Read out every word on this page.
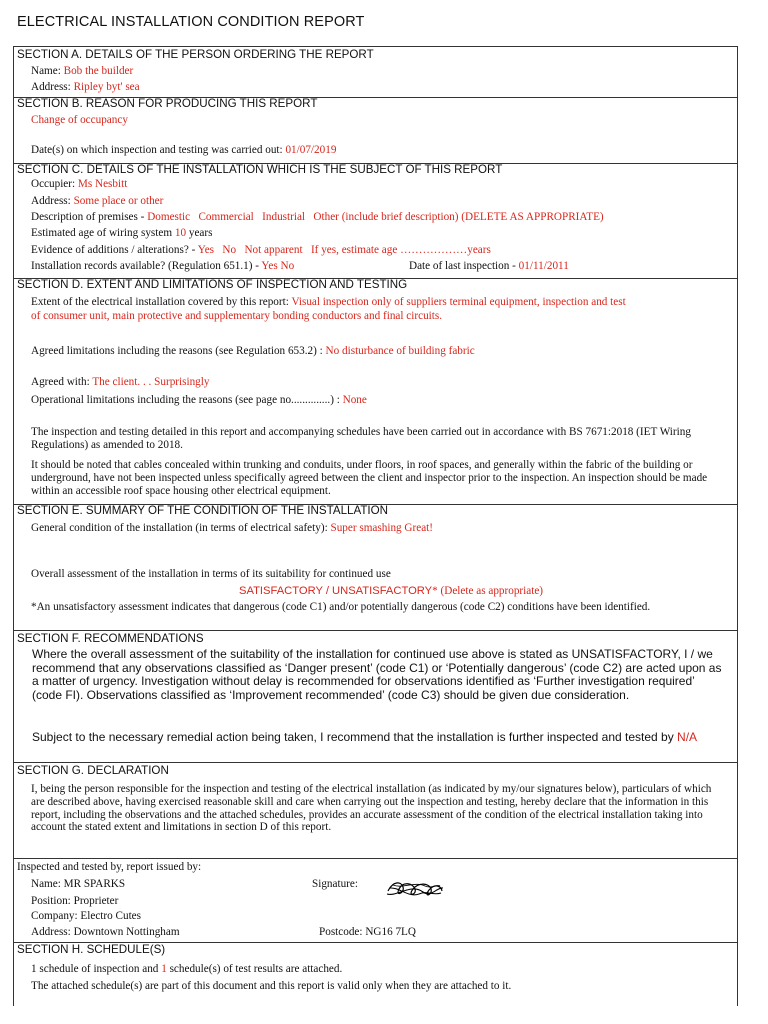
ELECTRICAL INSTALLATION CONDITION REPORT
SECTION A. DETAILS OF THE PERSON ORDERING THE REPORT
Name: Bob the builder
Address: Ripley byt' sea
SECTION B. REASON FOR PRODUCING THIS REPORT
Change of occupancy
Date(s) on which inspection and testing was carried out: 01/07/2019
SECTION C. DETAILS OF THE INSTALLATION WHICH IS THE SUBJECT OF THIS REPORT
Occupier: Ms Nesbitt
Address: Some place or other
Description of premises - Domestic   Commercial   Industrial   Other (include brief description) (DELETE AS APPROPRIATE)
Estimated age of wiring system 10 years
Evidence of additions / alterations? - Yes   No   Not apparent   If yes, estimate age ………………years
Installation records available? (Regulation 651.1) - Yes No	Date of last inspection - 01/11/2011
SECTION D. EXTENT AND LIMITATIONS OF INSPECTION AND TESTING
Extent of the electrical installation covered by this report: Visual inspection only of suppliers terminal equipment, inspection and test
of consumer unit, main protective and supplementary bonding conductors and final circuits.
Agreed limitations including the reasons (see Regulation 653.2) : No disturbance of building fabric
Agreed with: The client. . . Surprisingly
Operational limitations including the reasons (see page no..............) : None
The inspection and testing detailed in this report and accompanying schedules have been carried out in accordance with BS 7671:2018 (IET Wiring Regulations) as amended to 2018.
It should be noted that cables concealed within trunking and conduits, under floors, in roof spaces, and generally within the fabric of the building or underground, have not been inspected unless specifically agreed between the client and inspector prior to the inspection. An inspection should be made within an accessible roof space housing other electrical equipment.
SECTION E. SUMMARY OF THE CONDITION OF THE INSTALLATION
General condition of the installation (in terms of electrical safety): Super smashing Great!
Overall assessment of the installation in terms of its suitability for continued use
SATISFACTORY / UNSATISFACTORY* (Delete as appropriate)
*An unsatisfactory assessment indicates that dangerous (code C1) and/or potentially dangerous (code C2) conditions have been identified.
SECTION F. RECOMMENDATIONS
Where the overall assessment of the suitability of the installation for continued use above is stated as UNSATISFACTORY, I / we recommend that any observations classified as ‘Danger present’ (code C1) or ‘Potentially dangerous’ (code C2) are acted upon as a matter of urgency. Investigation without delay is recommended for observations identified as ‘Further investigation required’ (code FI). Observations classified as ‘Improvement recommended’ (code C3) should be given due consideration.
Subject to the necessary remedial action being taken, I recommend that the installation is further inspected and tested by N/A
SECTION G. DECLARATION
I, being the person responsible for the inspection and testing of the electrical installation (as indicated by my/our signatures below), particulars of which are described above, having exercised reasonable skill and care when carrying out the inspection and testing, hereby declare that the information in this report, including the observations and the attached schedules, provides an accurate assessment of the condition of the electrical installation taking into account the stated extent and limitations in section D of this report.
Inspected and tested by, report issued by:
Name: MR SPARKS	Signature:
Position: Proprieter
Company: Electro Cutes
Address: Downtown Nottingham	Postcode: NG16 7LQ
SECTION H. SCHEDULE(S)
1 schedule of inspection and 1 schedule(s) of test results are attached.
The attached schedule(s) are part of this document and this report is valid only when they are attached to it.
